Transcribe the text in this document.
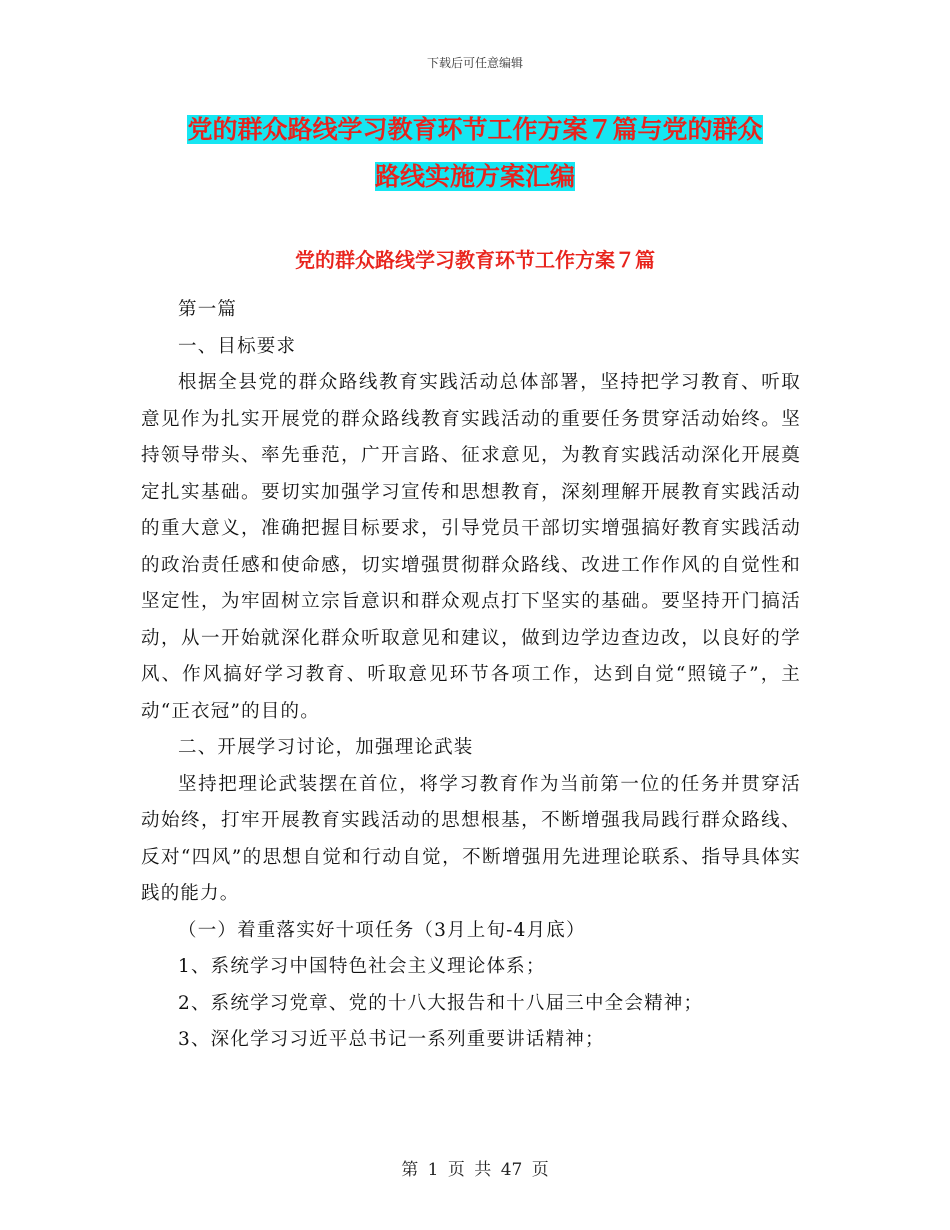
下载后可任意编辑
党的群众路线学习教育环节工作方案７篇与党的群众
路线实施方案汇编
党的群众路线学习教育环节工作方案７篇

第一篇

一、目标要求

根据全县党的群众路线教育实践活动总体部署，坚持把学习教育、听取意见作为扎实开展党的群众路线教育实践活动的重要任务贯穿活动始终。坚持领导带头、率先垂范，广开言路、征求意见，为教育实践活动深化开展奠定扎实基础。要切实加强学习宣传和思想教育，深刻理解开展教育实践活动的重大意义，准确把握目标要求，引导党员干部切实增强搞好教育实践活动的政治责任感和使命感，切实增强贯彻群众路线、改进工作作风的自觉性和坚定性，为牢固树立宗旨意识和群众观点打下坚实的基础。要坚持开门搞活动，从一开始就深化群众听取意见和建议，做到边学边查边改，以良好的学风、作风搞好学习教育、听取意见环节各项工作，达到自觉“照镜子”，主动“正衣冠”的目的。

二、开展学习讨论，加强理论武装

坚持把理论武装摆在首位，将学习教育作为当前第一位的任务并贯穿活动始终，打牢开展教育实践活动的思想根基，不断增强我局践行群众路线、反对“四风”的思想自觉和行动自觉，不断增强用先进理论联系、指导具体实践的能力。

（一）着重落实好十项任务（3月上旬-4月底）

1、系统学习中国特色社会主义理论体系；

2、系统学习党章、党的十八大报告和十八届三中全会精神；

3、深化学习习近平总书记一系列重要讲话精神；

第 1 页 共 47 页
